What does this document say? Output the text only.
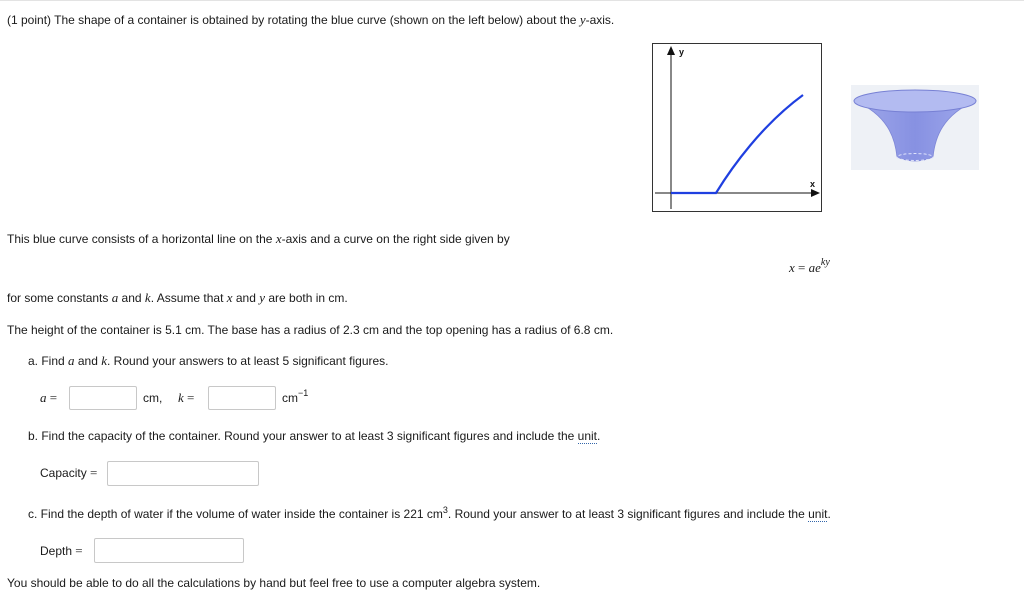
(1 point) The shape of a container is obtained by rotating the blue curve (shown on the left below) about the y-axis.
y
x
This blue curve consists of a horizontal line on the x-axis and a curve on the right side given by
$x = ae^{ky}$
for some constants a and k. Assume that x and y are both in cm.
The height of the container is 5.1 cm. The base has a radius of 2.3 cm and the top opening has a radius of 6.8 cm.
a. Find a and k. Round your answers to at least 5 significant figures.
a =	cm, k =	$cm^{-1}$
b. Find the capacity of the container. Round your answer to at least 3 significant figures and include the unit.
Capacity =
c. Find the depth of water if the volume of water inside the container is 221 $cm^3$. Round your answer to at least 3 significant figures and include the unit.
Depth =
You should be able to do all the calculations by hand but feel free to use a computer algebra system.
